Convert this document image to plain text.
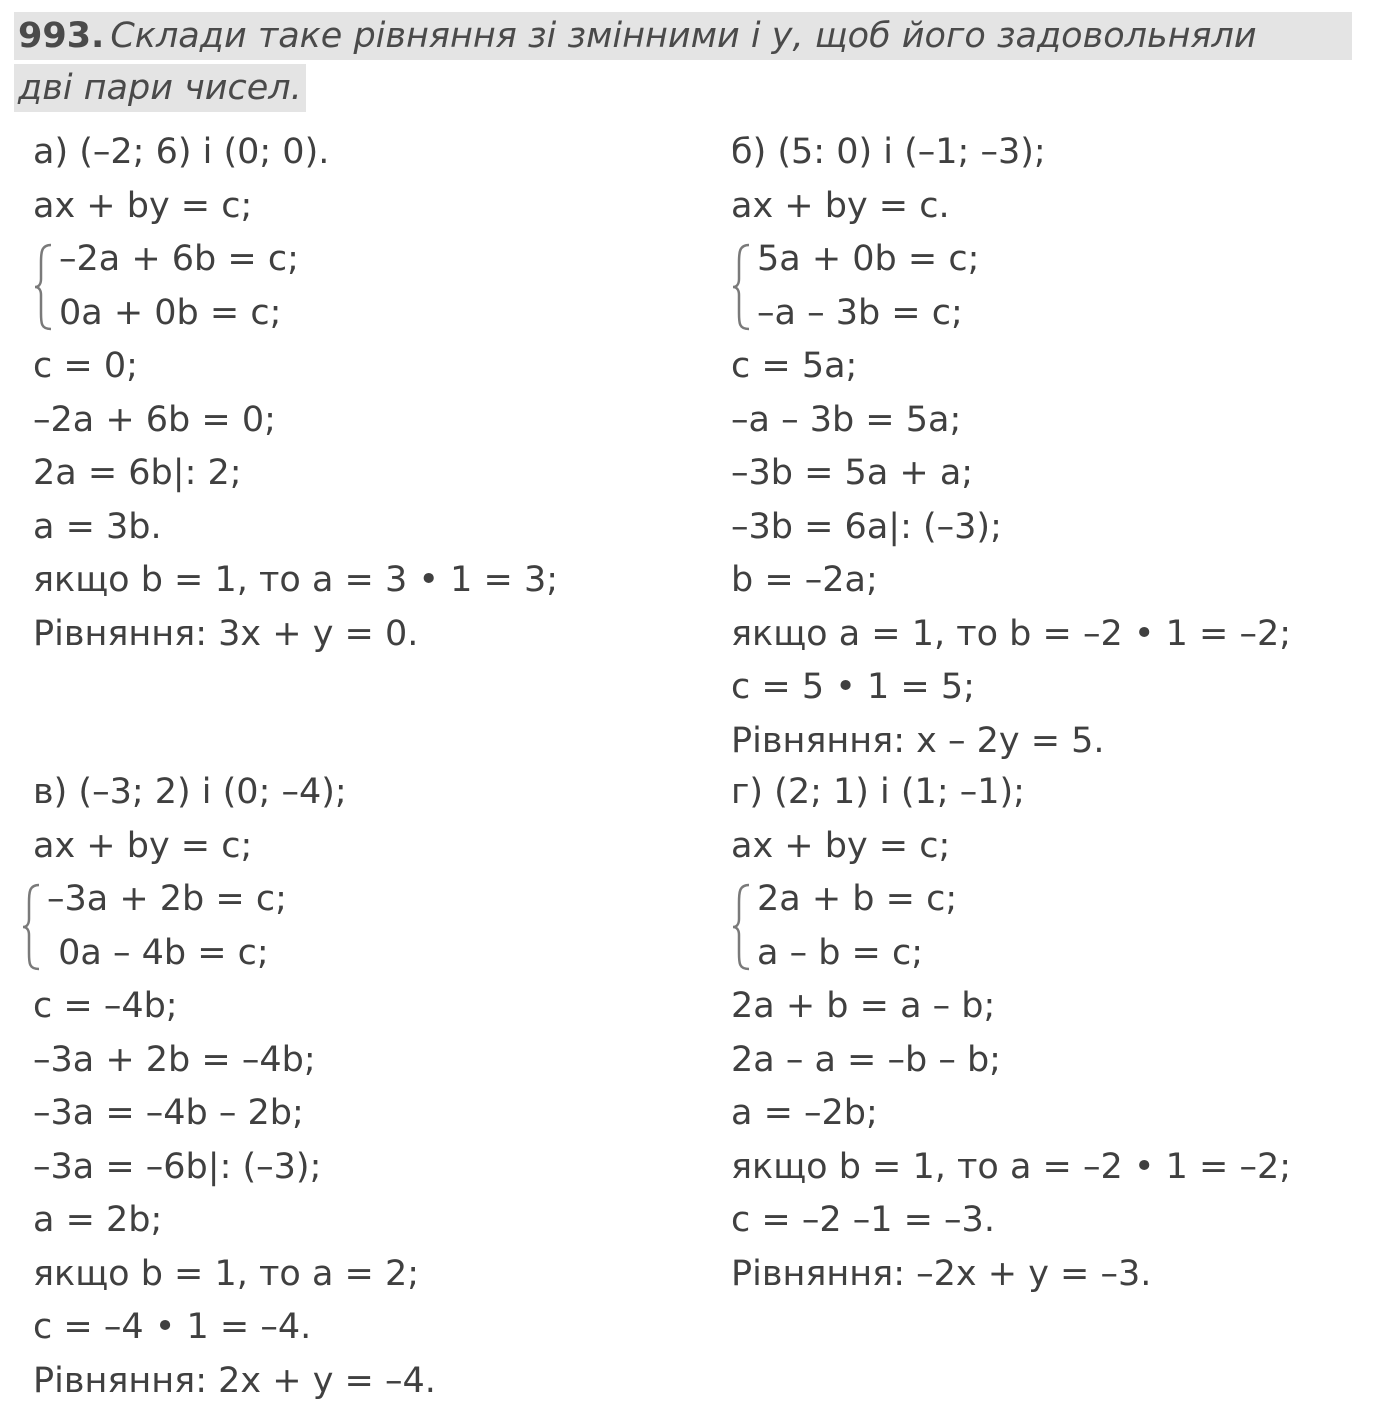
993. Склади таке рівняння зі змінними і у, щоб його задовольняли дві пари чисел.
а) (–2; 6) і (0; 0).
ax + by = c;
–2a + 6b = c;
0a + 0b = c;
c = 0;
–2a + 6b = 0;
2a = 6b|: 2;
a = 3b.
якщо b = 1, то a = 3 • 1 = 3;
Рівняння: 3x + y = 0.
б) (5: 0) і (–1; –3);
ax + by = c.
5a + 0b = c;
–a – 3b = c;
c = 5a;
–a – 3b = 5a;
–3b = 5a + a;
–3b = 6a|: (–3);
b = –2a;
якщо a = 1, то b = –2 • 1 = –2;
c = 5 • 1 = 5;
Рівняння: x – 2y = 5.
в) (–3; 2) і (0; –4);
ax + by = c;
–3a + 2b = c;
0a – 4b = c;
c = –4b;
–3a + 2b = –4b;
–3a = –4b – 2b;
–3a = –6b|: (–3);
a = 2b;
якщо b = 1, то a = 2;
c = –4 • 1 = –4.
Рівняння: 2x + y = –4.
г) (2; 1) і (1; –1);
ax + by = c;
2a + b = c;
a – b = c;
2a + b = a – b;
2a – a = –b – b;
a = –2b;
якщо b = 1, то a = –2 • 1 = –2;
c = –2 –1 = –3.
Рівняння: –2x + y = –3.
